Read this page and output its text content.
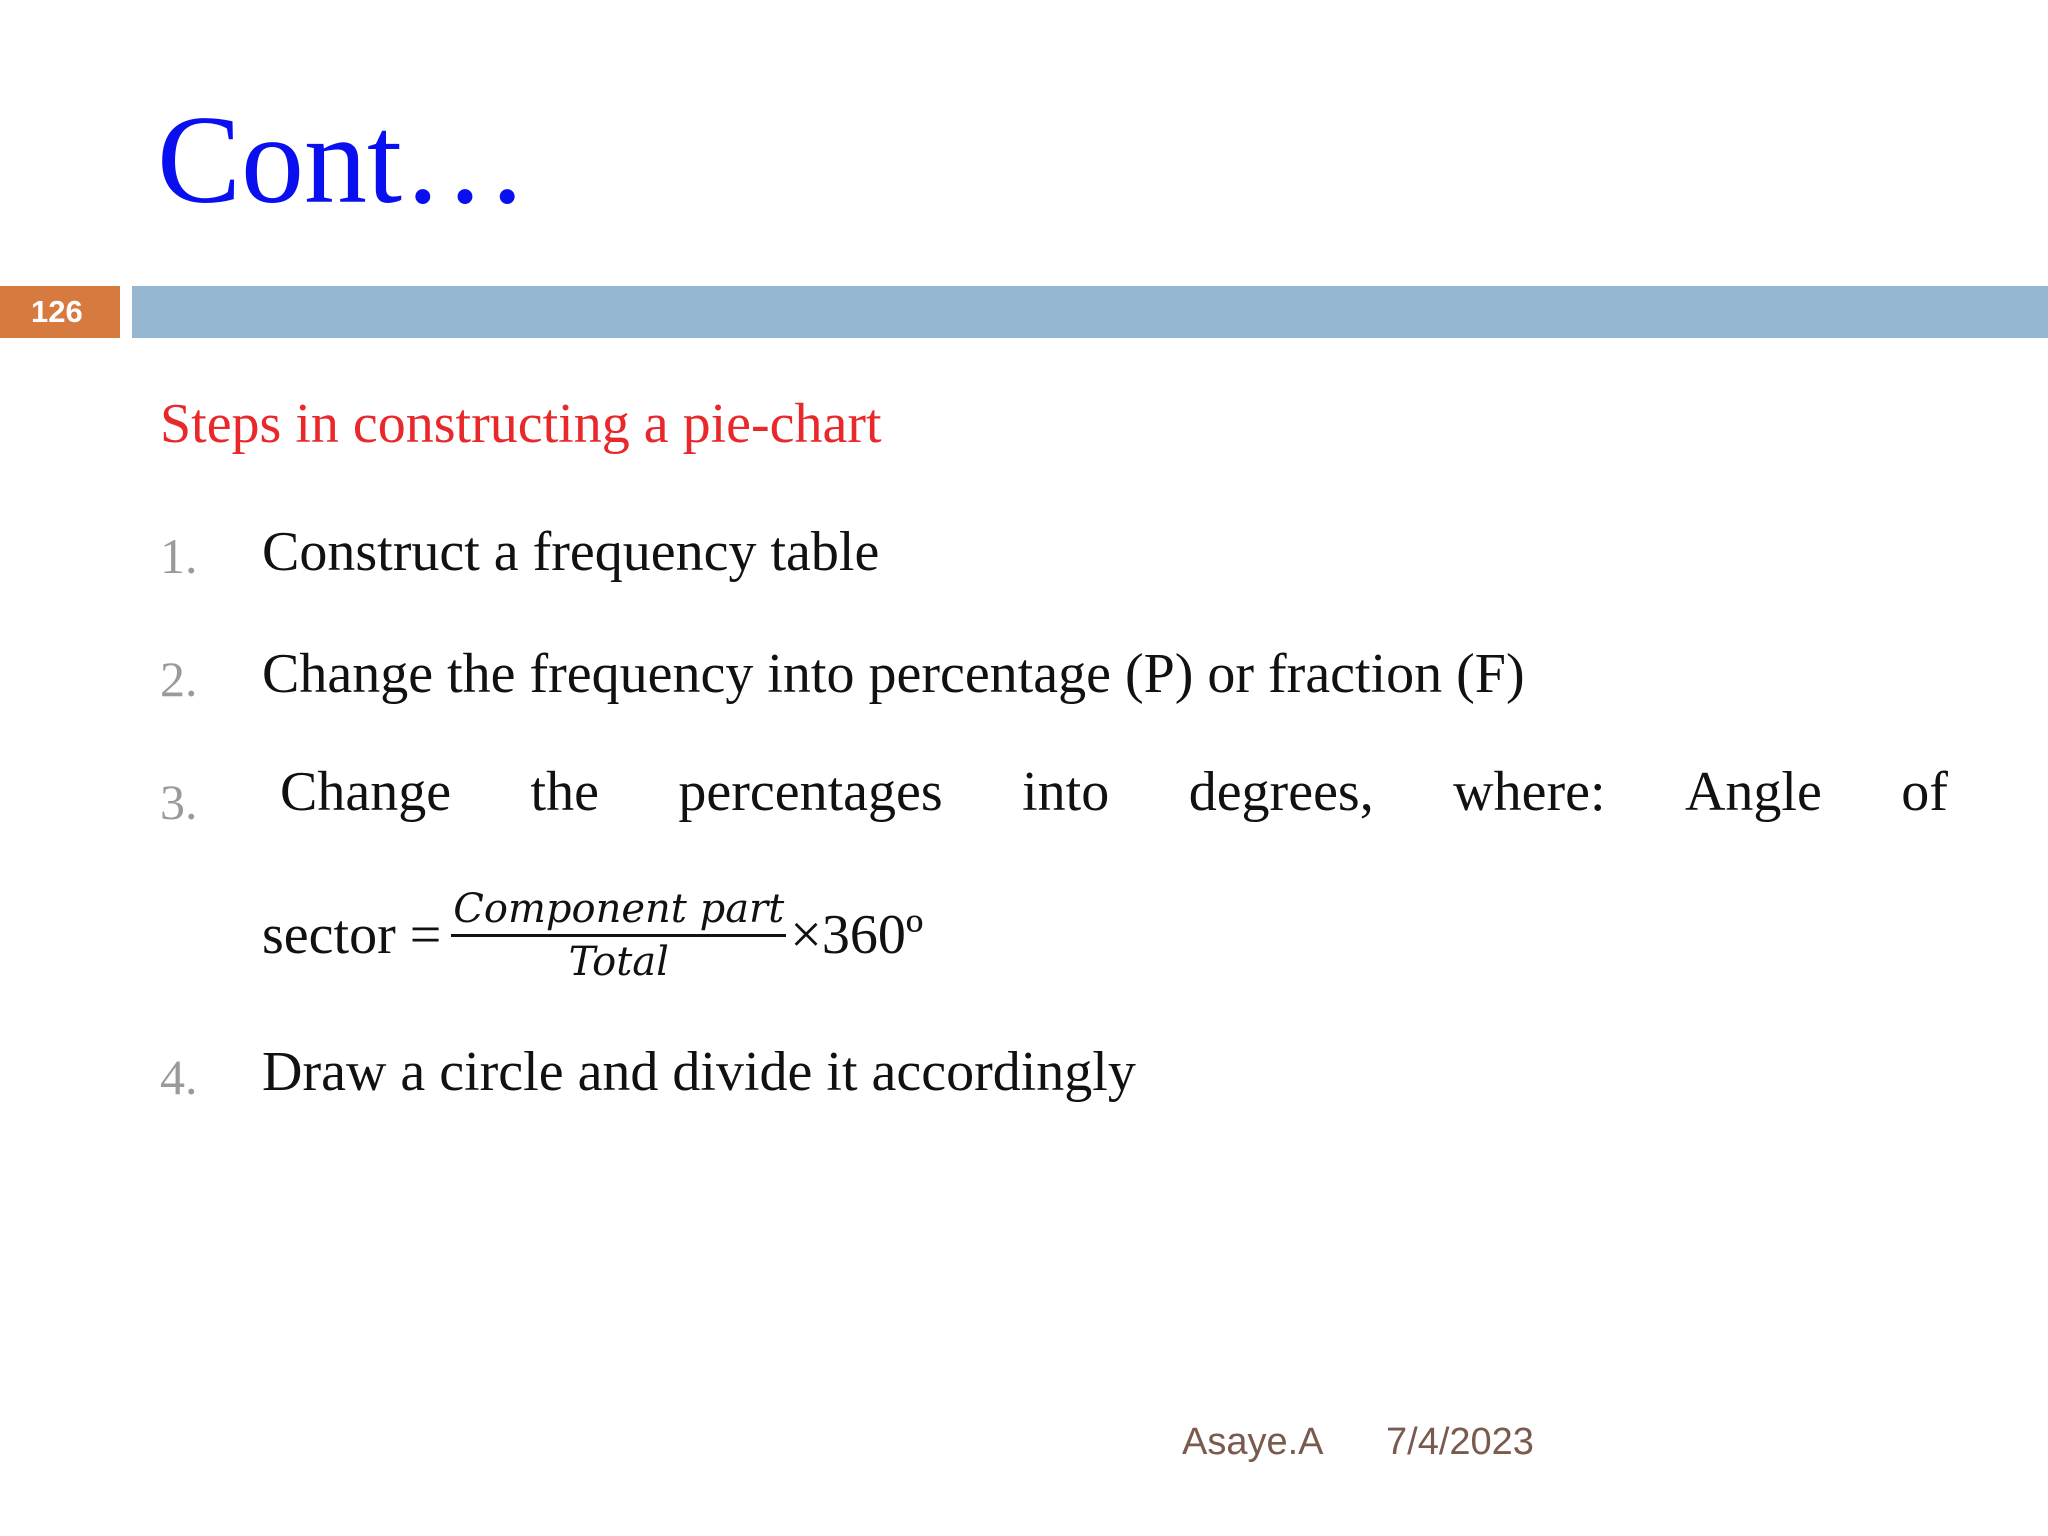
Cont…
126
Steps in constructing a pie-chart
1. Construct a frequency table
2. Change the frequency into percentage (P) or fraction (F)
3. Change the percentages into degrees, where: Angle of
sector = $\frac{\text{Component part}}{\text{Total}}$ ×360º
4. Draw a circle and divide it accordingly
Asaye.A 7/4/2023
